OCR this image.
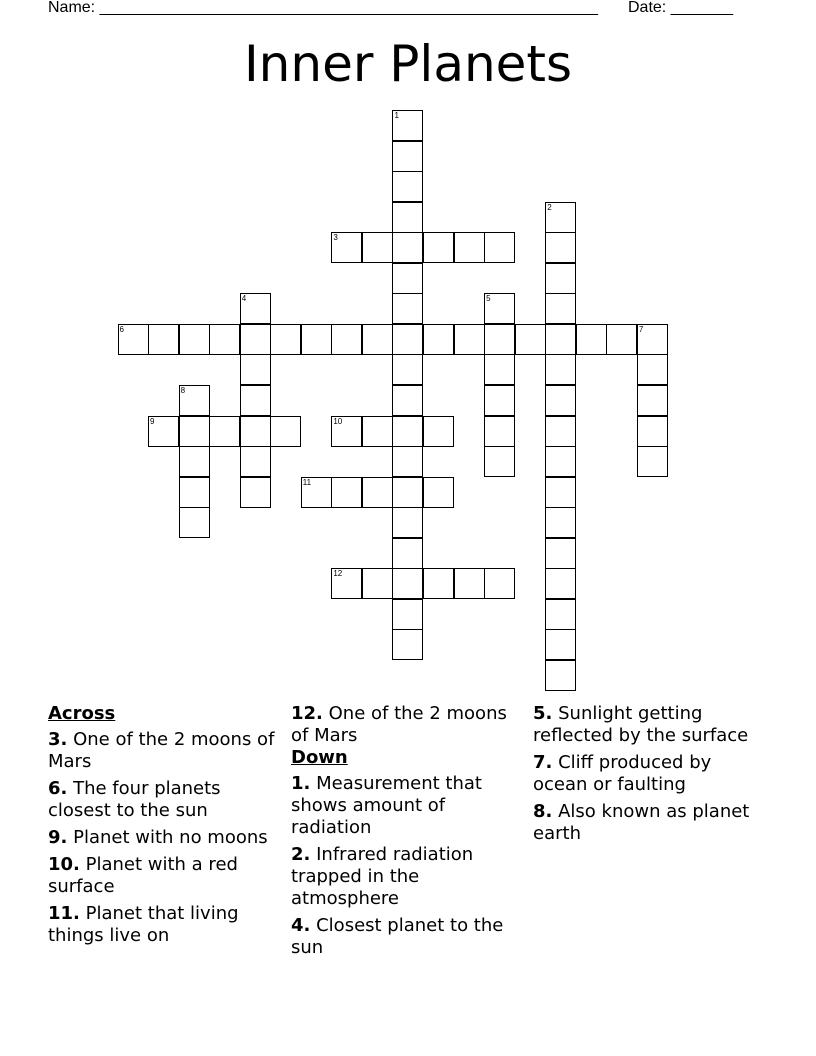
Name: ________________________________________________________ Date: _______
Inner Planets
1
2
3
4	5
6	7
8
9	10
11
12
Across
3. One of the 2 moons of Mars
6. The four planets closest to the sun
9. Planet with no moons
10. Planet with a red surface
11. Planet that living things live on
12. One of the 2 moons of Mars
Down
1. Measurement that shows amount of radiation
2. Infrared radiation trapped in the atmosphere
4. Closest planet to the sun
5. Sunlight getting reflected by the surface
7. Cliff produced by ocean or faulting
8. Also known as planet earth
